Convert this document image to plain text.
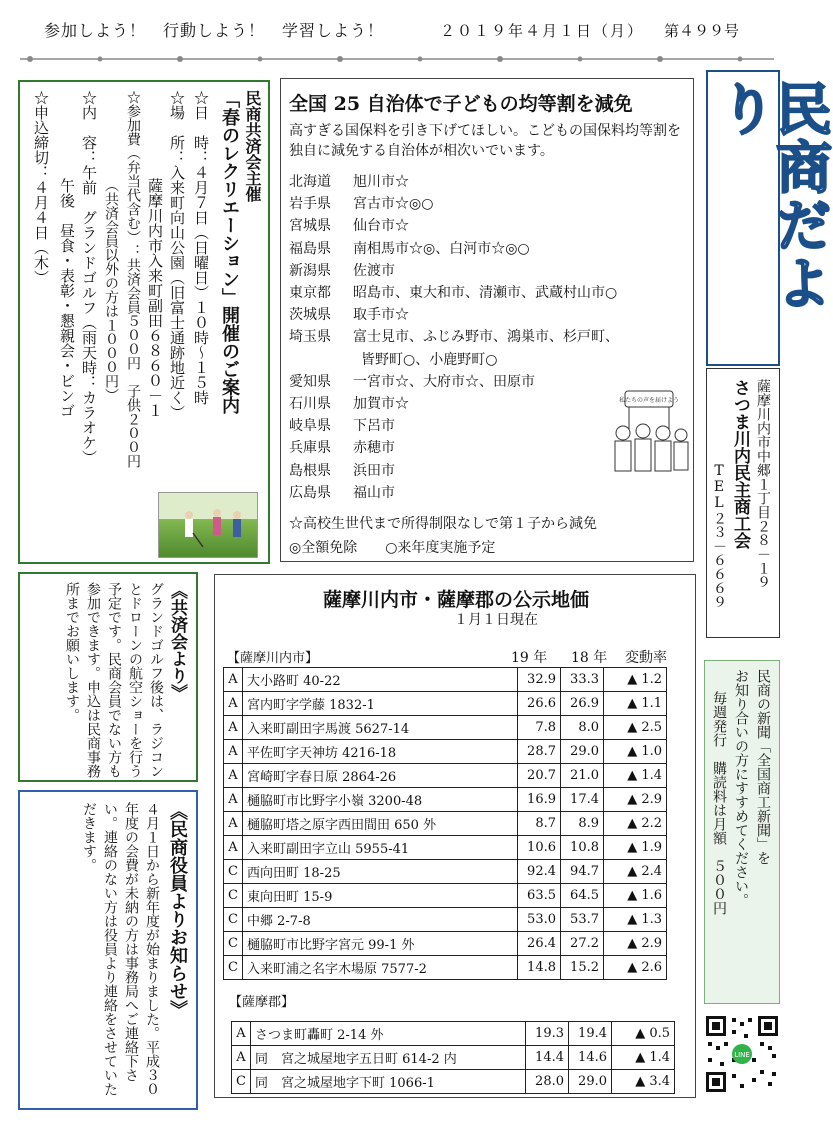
参加しよう！　行動しよう！　学習しよう！	２０１９年４月１日（月） 第４９９号
民商共済会主催
「春のレクリエーション」開催のご案内
☆日　時：４月７日（日曜日）１０時～１５時
☆場　所：入来町向山公園（旧富士通跡地近く）
薩摩川内市入来町副田６８６０－１
☆参加費（弁当代含む）：共済会員５００円　子供２００円
（共済会員以外の方は１０００円）
☆内　容：午前　グランドゴルフ（雨天時：カラオケ）
午後　昼食・表彰・懇親会・ビンゴ
☆申込締切：４月４日（木）	民商だより
薩摩川内市中郷１丁目２８－１９
さつま川内民主商工会
TEL２３－６６６９
全国 25 自治体で子どもの均等割を減免
高すぎる国保料を引き下げてほしい。こどもの国保料均等割を独自に減免する自治体が相次いでいます。
北海道 旭川市☆
岩手県 宮古市☆◎○
宮城県 仙台市☆
福島県 南相馬市☆◎、白河市☆◎○
新潟県 佐渡市
東京都 昭島市、東大和市、清瀬市、武蔵村山市○
茨城県 取手市☆
埼玉県 富士見市、ふじみ野市、鴻巣市、杉戸町、
皆野町○、小鹿野町○
愛知県 一宮市☆、大府市☆、田原市
石川県 加賀市☆
岐阜県 下呂市
兵庫県 赤穂市
島根県 浜田市
広島県 福山市
☆高校生世代まで所得制限なしで第１子から減免
◎全額免除　　○来年度実施予定
私たちの声を届けよう
《共済会より》
グランドゴルフ後は、ラジコンとドローンの航空ショーを行う予定です。民商会員でない方も参加できます。申込は民商事務所までお願いします。
《民商役員よりお知らせ》
４月１日から新年度が始まりました。平成３０年度の会費が未納の方は事務局へご連絡下さい。連絡のない方は役員より連絡をさせていただきます。
薩摩川内市・薩摩郡の公示地価
１月１日現在
【薩摩川内市】	19 年 18 年 変動率
A	大小路町 40-22	32.9	33.3	▲ 1.2
A	宮内町字学藤 1832-1	26.6	26.9	▲ 1.1
A	入来町副田字馬渡 5627-14	7.8	8.0	▲ 2.5
A	平佐町字天神坊 4216-18	28.7	29.0	▲ 1.0
A	宮崎町字春日原 2864-26	20.7	21.0	▲ 1.4
A	樋脇町市比野字小嶺 3200-48	16.9	17.4	▲ 2.9
A	樋脇町塔之原字西田間田 650 外	8.7	8.9	▲ 2.2
A	入来町副田字立山 5955-41	10.6	10.8	▲ 1.9
C	西向田町 18-25	92.4	94.7	▲ 2.4
C	東向田町 15-9	63.5	64.5	▲ 1.6
C	中郷 2-7-8	53.0	53.7	▲ 1.3
C	樋脇町市比野字宮元 99-1 外	26.4	27.2	▲ 2.9
C	入来町浦之名字木場原 7577-2	14.8	15.2	▲ 2.6
【薩摩郡】
A	さつま町轟町 2-14 外	19.3	19.4	▲ 0.5
A	同　宮之城屋地字五日町 614-2 内	14.4	14.6	▲ 1.4
C	同　宮之城屋地字下町 1066-1	28.0	29.0	▲ 3.4
民商の新聞「全国商工新聞」を
お知り合いの方にすすめてください。
毎週発行　購読料は月額　５００円
LINE
